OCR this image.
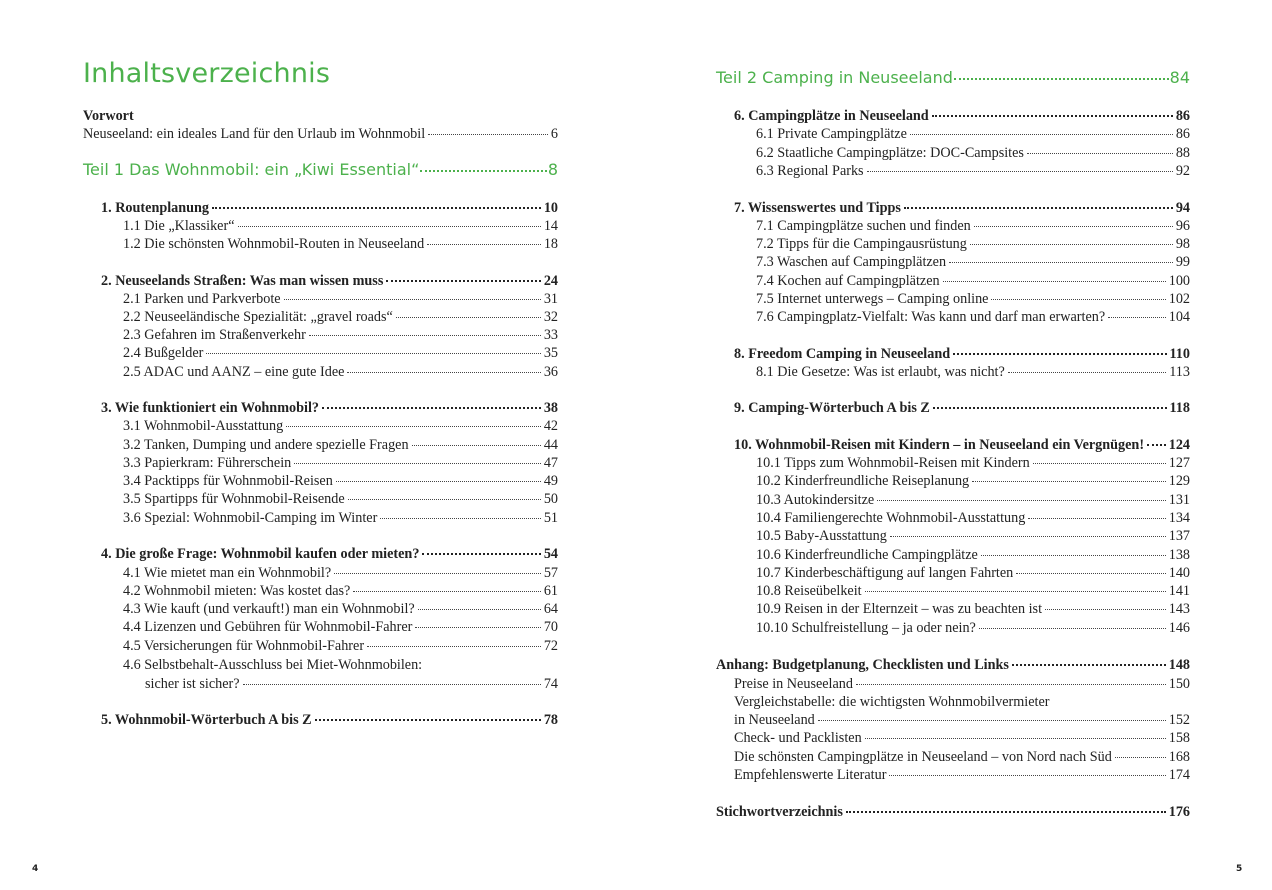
Inhaltsverzeichnis
Vorwort
Neuseeland: ein ideales Land für den Urlaub im Wohnmobil	6
Teil 1 Das Wohnmobil: ein „Kiwi Essential“	8
1. Routenplanung	10
1.1 Die „Klassiker“	14
1.2 Die schönsten Wohnmobil-Routen in Neuseeland	18
2. Neuseelands Straßen: Was man wissen muss	24
2.1 Parken und Parkverbote	31
2.2 Neuseeländische Spezialität: „gravel roads“	32
2.3 Gefahren im Straßenverkehr	33
2.4 Bußgelder	35
2.5 ADAC und AANZ – eine gute Idee	36
3. Wie funktioniert ein Wohnmobil?	38
3.1 Wohnmobil-Ausstattung	42
3.2 Tanken, Dumping und andere spezielle Fragen	44
3.3 Papierkram: Führerschein	47
3.4 Packtipps für Wohnmobil-Reisen	49
3.5 Spartipps für Wohnmobil-Reisende	50
3.6 Spezial: Wohnmobil-Camping im Winter	51
4. Die große Frage: Wohnmobil kaufen oder mieten?	54
4.1 Wie mietet man ein Wohnmobil?	57
4.2 Wohnmobil mieten: Was kostet das?	61
4.3 Wie kauft (und verkauft!) man ein Wohnmobil?	64
4.4 Lizenzen und Gebühren für Wohnmobil-Fahrer	70
4.5 Versicherungen für Wohnmobil-Fahrer	72
4.6 Selbstbehalt-Ausschluss bei Miet-Wohnmobilen:
sicher ist sicher?	74
5. Wohnmobil-Wörterbuch A bis Z	78
4
Teil 2 Camping in Neuseeland	84
6. Campingplätze in Neuseeland	86
6.1 Private Campingplätze	86
6.2 Staatliche Campingplätze: DOC-Campsites	88
6.3 Regional Parks	92
7. Wissenswertes und Tipps	94
7.1 Campingplätze suchen und finden	96
7.2 Tipps für die Campingausrüstung	98
7.3 Waschen auf Campingplätzen	99
7.4 Kochen auf Campingplätzen	100
7.5 Internet unterwegs – Camping online	102
7.6 Campingplatz-Vielfalt: Was kann und darf man erwarten?	104
8. Freedom Camping in Neuseeland	110
8.1 Die Gesetze: Was ist erlaubt, was nicht?	113
9. Camping-Wörterbuch A bis Z	118
10. Wohnmobil-Reisen mit Kindern – in Neuseeland ein Vergnügen! 124
10.1 Tipps zum Wohnmobil-Reisen mit Kindern	127
10.2 Kinderfreundliche Reiseplanung	129
10.3 Autokindersitze	131
10.4 Familiengerechte Wohnmobil-Ausstattung	134
10.5 Baby-Ausstattung	137
10.6 Kinderfreundliche Campingplätze	138
10.7 Kinderbeschäftigung auf langen Fahrten	140
10.8 Reiseübelkeit	141
10.9 Reisen in der Elternzeit – was zu beachten ist	143
10.10 Schulfreistellung – ja oder nein?	146
Anhang: Budgetplanung, Checklisten und Links	148
Preise in Neuseeland	150
Vergleichstabelle: die wichtigsten Wohnmobilvermieter
in Neuseeland	152
Check- und Packlisten	158
Die schönsten Campingplätze in Neuseeland – von Nord nach Süd	168
Empfehlenswerte Literatur	174
Stichwortverzeichnis	176
5
